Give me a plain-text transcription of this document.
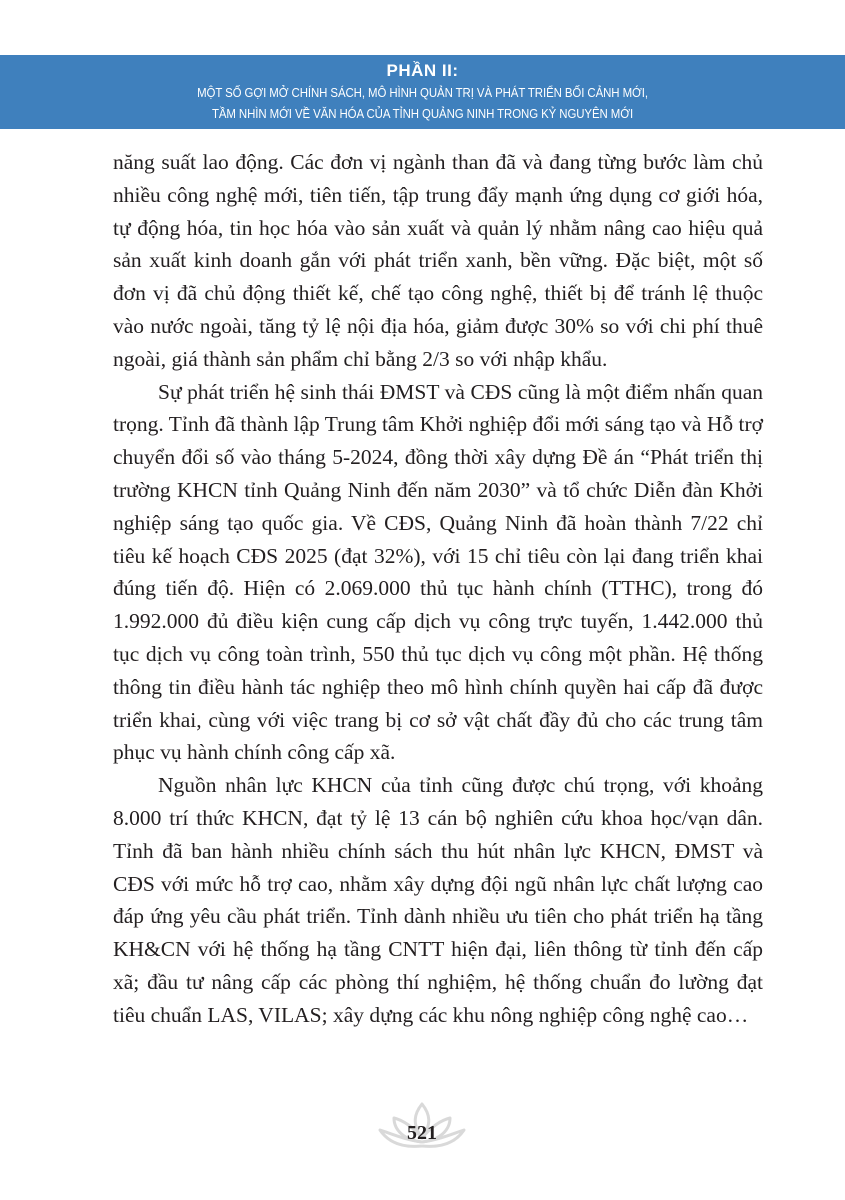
PHẦN II:
MỘT SỐ GỢI MỞ CHÍNH SÁCH, MÔ HÌNH QUẢN TRỊ VÀ PHÁT TRIỂN BỐI CẢNH MỚI,
TẦM NHÌN MỚI VỀ VĂN HÓA CỦA TỈNH QUẢNG NINH TRONG KỶ NGUYÊN MỚI

năng suất lao động. Các đơn vị ngành than đã và đang từng bước làm chủ nhiều công nghệ mới, tiên tiến, tập trung đẩy mạnh ứng dụng cơ giới hóa, tự động hóa, tin học hóa vào sản xuất và quản lý nhằm nâng cao hiệu quả sản xuất kinh doanh gắn với phát triển xanh, bền vững. Đặc biệt, một số đơn vị đã chủ động thiết kế, chế tạo công nghệ, thiết bị để tránh lệ thuộc vào nước ngoài, tăng tỷ lệ nội địa hóa, giảm được 30% so với chi phí thuê ngoài, giá thành sản phẩm chỉ bằng 2/3 so với nhập khẩu.

Sự phát triển hệ sinh thái ĐMST và CĐS cũng là một điểm nhấn quan trọng. Tỉnh đã thành lập Trung tâm Khởi nghiệp đổi mới sáng tạo và Hỗ trợ chuyển đổi số vào tháng 5-2024, đồng thời xây dựng Đề án “Phát triển thị trường KHCN tỉnh Quảng Ninh đến năm 2030” và tổ chức Diễn đàn Khởi nghiệp sáng tạo quốc gia. Về CĐS, Quảng Ninh đã hoàn thành 7/22 chỉ tiêu kế hoạch CĐS 2025 (đạt 32%), với 15 chỉ tiêu còn lại đang triển khai đúng tiến độ. Hiện có 2.069.000 thủ tục hành chính (TTHC), trong đó 1.992.000 đủ điều kiện cung cấp dịch vụ công trực tuyến, 1.442.000 thủ tục dịch vụ công toàn trình, 550 thủ tục dịch vụ công một phần. Hệ thống thông tin điều hành tác nghiệp theo mô hình chính quyền hai cấp đã được triển khai, cùng với việc trang bị cơ sở vật chất đầy đủ cho các trung tâm phục vụ hành chính công cấp xã.

Nguồn nhân lực KHCN của tỉnh cũng được chú trọng, với khoảng 8.000 trí thức KHCN, đạt tỷ lệ 13 cán bộ nghiên cứu khoa học/vạn dân. Tỉnh đã ban hành nhiều chính sách thu hút nhân lực KHCN, ĐMST và CĐS với mức hỗ trợ cao, nhằm xây dựng đội ngũ nhân lực chất lượng cao đáp ứng yêu cầu phát triển. Tỉnh dành nhiều ưu tiên cho phát triển hạ tầng KH&CN với hệ thống hạ tầng CNTT hiện đại, liên thông từ tỉnh đến cấp xã; đầu tư nâng cấp các phòng thí nghiệm, hệ thống chuẩn đo lường đạt tiêu chuẩn LAS, VILAS; xây dựng các khu nông nghiệp công nghệ cao…

521
